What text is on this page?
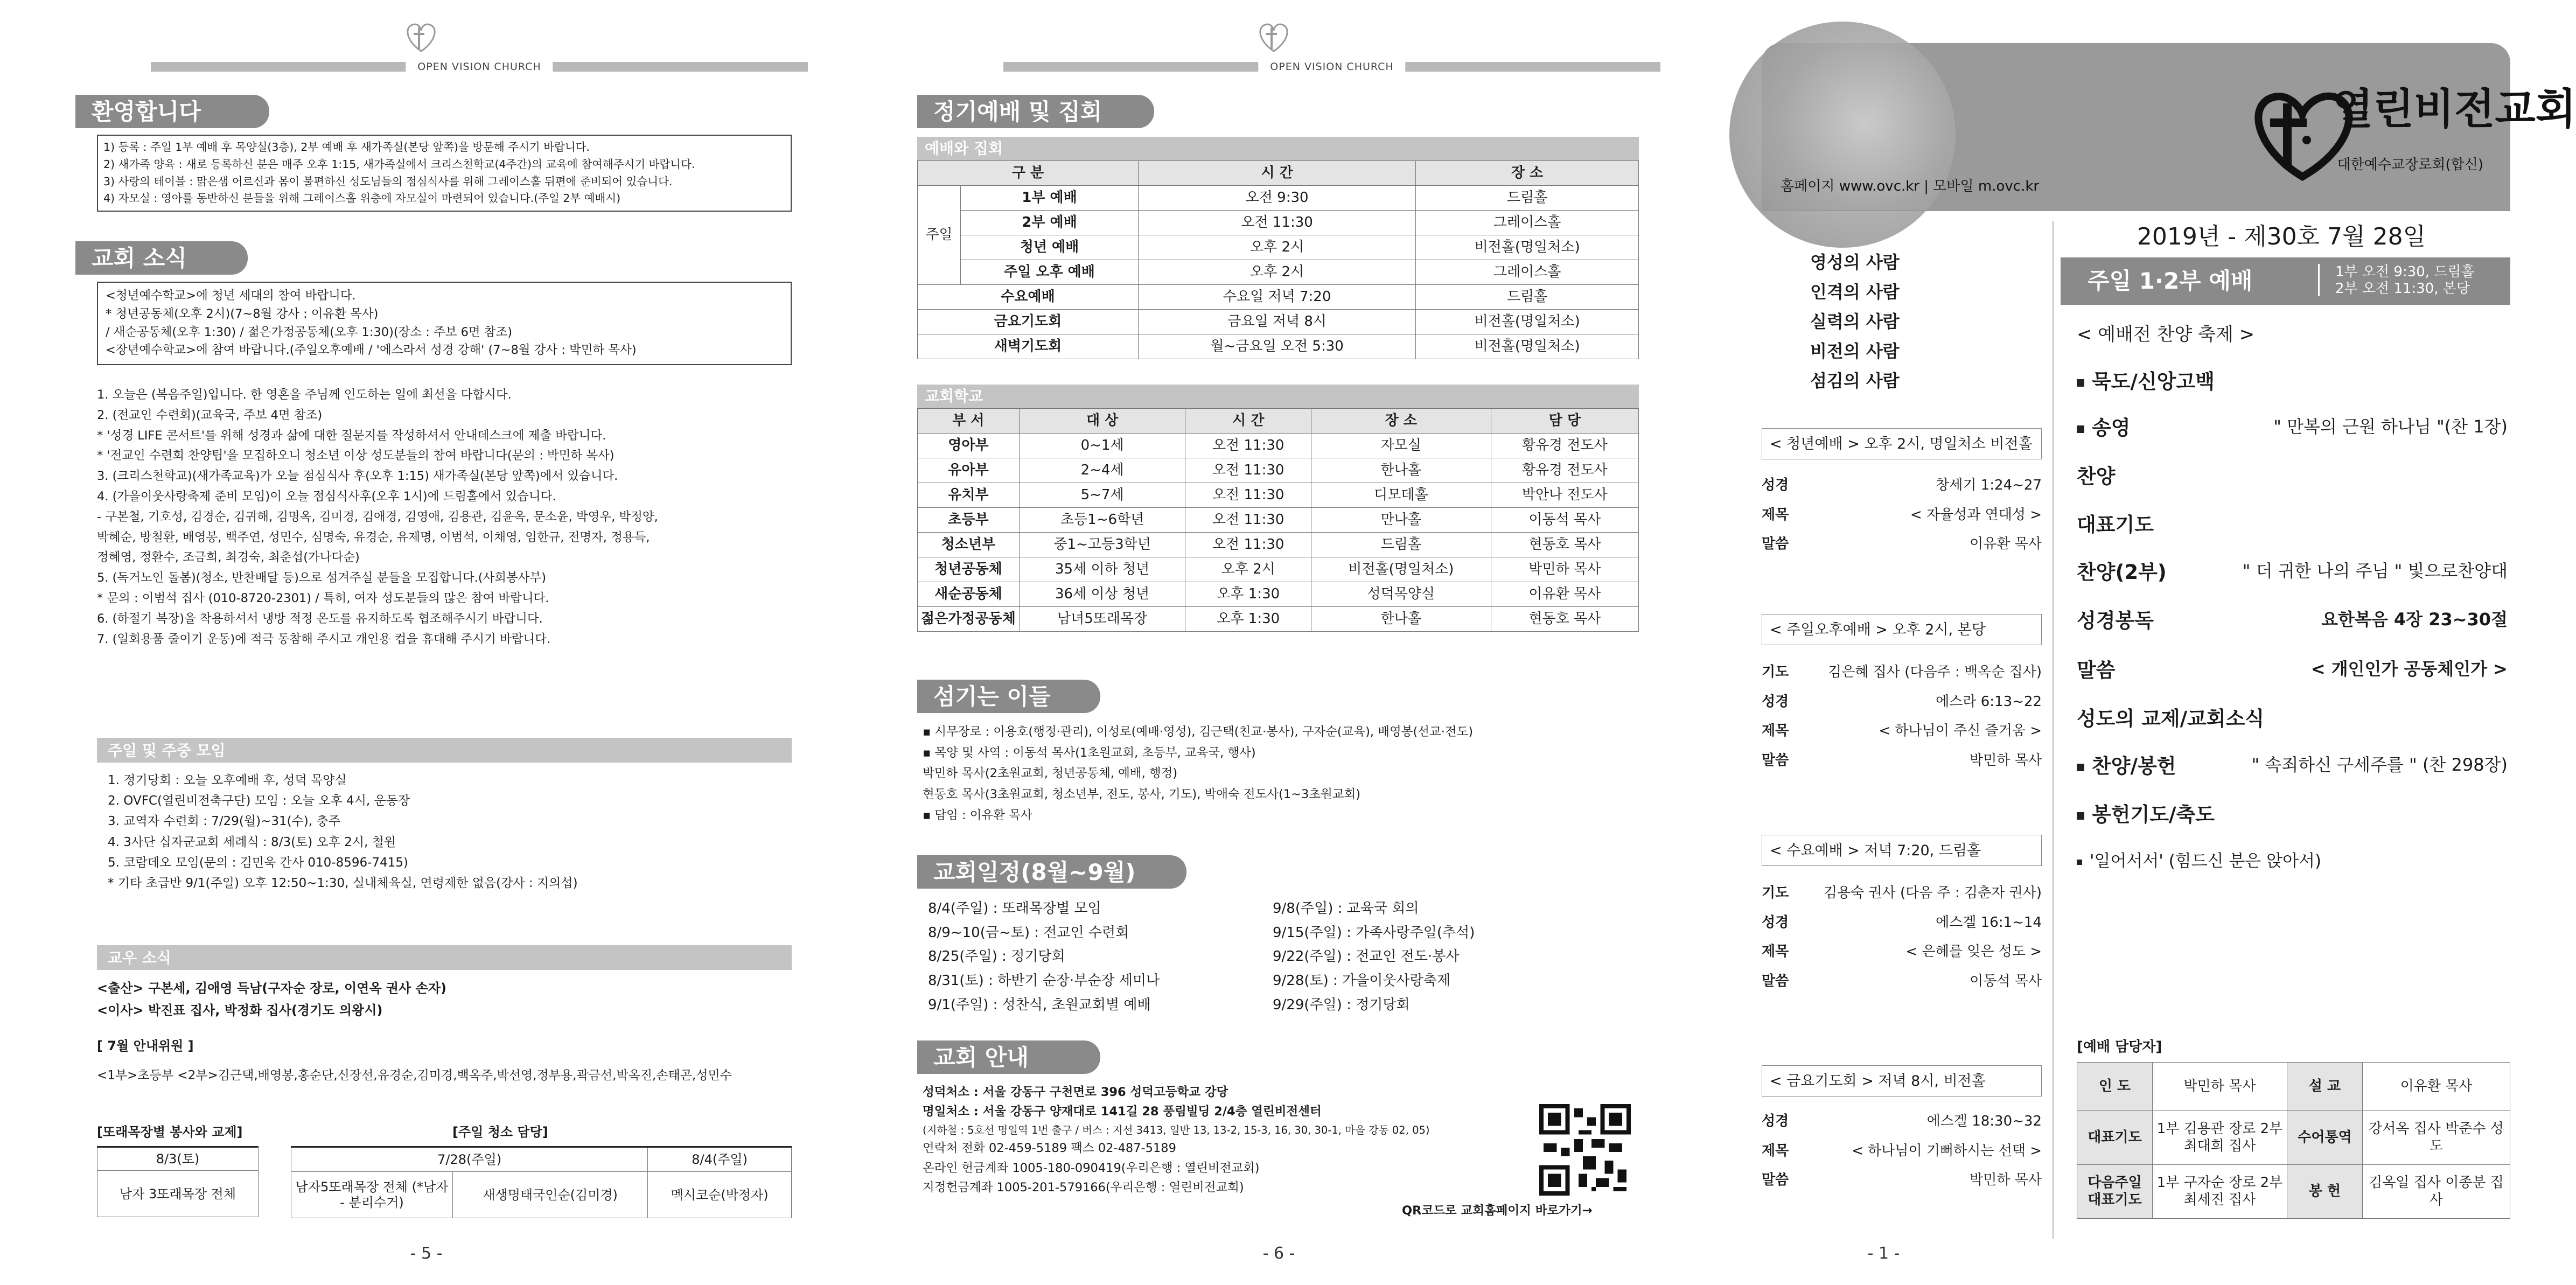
OPEN VISION CHURCH
환영합니다
1) 등록 : 주일 1부 예배 후 목양실(3층), 2부 예배 후 새가족실(본당 앞쪽)을 방문해 주시기 바랍니다.
2) 새가족 양육 : 새로 등록하신 분은 매주 오후 1:15, 새가족실에서 크리스천학교(4주간)의 교육에 참여해주시기 바랍니다.
3) 사랑의 테이블 : 맑은샘 어르신과 몸이 불편하신 성도님들의 점심식사를 위해 그레이스홀 뒤편에 준비되어 있습니다.
4) 자모실 : 영아를 동반하신 분들을 위해 그레이스홀 위층에 자모실이 마련되어 있습니다.(주일 2부 예배시)
교회 소식
<청년예수학교>에 청년 세대의 참여 바랍니다.
* 청년공동체(오후 2시)(7~8월 강사 : 이유환 목사)
/ 새순공동체(오후 1:30) / 젊은가정공동체(오후 1:30)(장소 : 주보 6면 참조)
<장년예수학교>에 참여 바랍니다.(주일오후예배 / '에스라서 성경 강해' (7~8월 강사 : 박민하 목사)
1. 오늘은 (복음주일)입니다. 한 영혼을 주님께 인도하는 일에 최선을 다합시다.
2. (전교인 수련회)(교육국, 주보 4면 참조)
* '성경 LIFE 콘서트'를 위해 성경과 삶에 대한 질문지를 작성하셔서 안내데스크에 제출 바랍니다.
* '전교인 수련회 찬양팀'을 모집하오니 청소년 이상 성도분들의 참여 바랍니다(문의 : 박민하 목사)
3. (크리스천학교)(새가족교육)가 오늘 점심식사 후(오후 1:15) 새가족실(본당 앞쪽)에서 있습니다.
4. (가을이웃사랑축제 준비 모임)이 오늘 점심식사후(오후 1시)에 드림홀에서 있습니다.
- 구본철, 기호성, 김경순, 김귀해, 김명옥, 김미경, 김애경, 김영애, 김용관, 김윤옥, 문소윤, 박영우, 박정양,
박혜순, 방철환, 배영봉, 백주연, 성민수, 심명숙, 유경순, 유제명, 이범석, 이채영, 임한규, 전명자, 정용득,
정혜영, 정환수, 조금희, 최경숙, 최춘섭(가나다순)
5. (독거노인 돌봄)(청소, 반찬배달 등)으로 섬겨주실 분들을 모집합니다.(사회봉사부)
* 문의 : 이범석 집사 (010-8720-2301) / 특히, 여자 성도분들의 많은 참여 바랍니다.
6. (하절기 복장)을 착용하셔서 냉방 적정 온도를 유지하도록 협조해주시기 바랍니다.
7. (일회용품 줄이기 운동)에 적극 동참해 주시고 개인용 컵을 휴대해 주시기 바랍니다.
주일 및 주중 모임
1. 정기당회 : 오늘 오후예배 후, 성덕 목양실
2. OVFC(열린비전축구단) 모임 : 오늘 오후 4시, 운동장
3. 교역자 수련회 : 7/29(월)~31(수), 충주
4. 3사단 십자군교회 세례식 : 8/3(토) 오후 2시, 철원
5. 코람데오 모임(문의 : 김민욱 간사 010-8596-7415)
* 기타 초급반 9/1(주일) 오후 12:50~1:30, 실내체육실, 연령제한 없음(강사 : 지의섭)
교우 소식
<출산> 구본세, 김애영 득남(구자순 장로, 이연옥 권사 손자)
<이사> 박진표 집사, 박정화 집사(경기도 의왕시)
[ 7월 안내위원 ]
<1부>초등부 <2부>김근택,배영봉,홍순단,신장선,유경순,김미경,백옥주,박선영,정부용,곽금선,박옥진,손태곤,성민수
[또래목장별 봉사와 교제]	[주일 청소 담당]
8/3(토)
남자 3또래목장 전체
7/28(주일)		8/4(주일)
남자5또래목장 전체 (*남자 - 분리수거)	새생명태국인순(김미경)	멕시코순(박정자)
- 5 -
OPEN VISION CHURCH
정기예배 및 집회
예배와 집회
구 분		시 간	장 소
주일	1부 예배	오전 9:30	드림홀
	2부 예배	오전 11:30	그레이스홀
	청년 예배	오후 2시	비전홀(명일처소)
	주일 오후 예배	오후 2시	그레이스홀
수요예배		수요일 저녁 7:20	드림홀
금요기도회		금요일 저녁 8시	비전홀(명일처소)
새벽기도회		월~금요일 오전 5:30	비전홀(명일처소)
교회학교
부 서	대 상	시 간	장 소	담 당
영아부	0~1세	오전 11:30	자모실	황유경 전도사
유아부	2~4세	오전 11:30	한나홀	황유경 전도사
유치부	5~7세	오전 11:30	디모데홀	박안나 전도사
초등부	초등1~6학년	오전 11:30	만나홀	이동석 목사
청소년부	중1~고등3학년	오전 11:30	드림홀	현동호 목사
청년공동체	35세 이하 청년	오후 2시	비전홀(명일처소)	박민하 목사
새순공동체	36세 이상 청년	오후 1:30	성덕목양실	이유환 목사
젊은가정공동체	남녀5또래목장	오후 1:30	한나홀	현동호 목사
섬기는 이들
▪ 시무장로 : 이용호(행정·관리), 이성로(예배·영성), 김근택(친교·봉사), 구자순(교육), 배영봉(선교·전도)
▪ 목양 및 사역 : 이동석 목사(1초원교회, 초등부, 교육국, 행사)
박민하 목사(2초원교회, 청년공동체, 예배, 행정)
현동호 목사(3초원교회, 청소년부, 전도, 봉사, 기도), 박애숙 전도사(1~3초원교회)
▪ 담임 : 이유환 목사
교회일정(8월~9월)
8/4(주일) : 또래목장별 모임
8/9~10(금~토) : 전교인 수련회
8/25(주일) : 정기당회
8/31(토) : 하반기 순장·부순장 세미나
9/1(주일) : 성찬식, 초원교회별 예배
9/8(주일) : 교육국 회의
9/15(주일) : 가족사랑주일(추석)
9/22(주일) : 전교인 전도·봉사
9/28(토) : 가을이웃사랑축제
9/29(주일) : 정기당회
교회 안내
성덕처소 : 서울 강동구 구천면로 396 성덕고등학교 강당
명일처소 : 서울 강동구 양재대로 141길 28 풍림빌딩 2/4층 열린비전센터
(지하철 : 5호선 명일역 1번 출구 / 버스 : 지선 3413, 일반 13, 13-2, 15-3, 16, 30, 30-1, 마을 강동 02, 05)
연락처 전화 02-459-5189 팩스 02-487-5189
온라인 헌금계좌 1005-180-090419(우리은행 : 열린비전교회)
지정헌금계좌 1005-201-579166(우리은행 : 열린비전교회)
QR코드로 교회홈페이지 바로가기→
- 6 -
열린비전교회
대한예수교장로회(합신)
홈페이지 www.ovc.kr | 모바일 m.ovc.kr
영성의 사람
인격의 사람
실력의 사람
비전의 사람
섬김의 사람
2019년 - 제30호 7월 28일
주일 1·2부 예배	1부 오전 9:30, 드림홀
2부 오전 11:30, 본당
< 청년예배 > 오후 2시, 명일처소 비전홀
성경	창세기 1:24~27
제목	< 자율성과 연대성 >
말씀	이유환 목사
< 주일오후예배 > 오후 2시, 본당
기도	김은혜 집사 (다음주 : 백옥순 집사)
성경	에스라 6:13~22
제목	< 하나님이 주신 즐거움 >
말씀	박민하 목사
< 수요예배 > 저녁 7:20, 드림홀
기도	김용숙 권사 (다음 주 : 김춘자 권사)
성경	에스겔 16:1~14
제목	< 은혜를 잊은 성도 >
말씀	이동석 목사
< 금요기도회 > 저녁 8시, 비전홀
성경	에스겔 18:30~32
제목	< 하나님이 기뻐하시는 선택 >
말씀	박민하 목사
< 예배전 찬양 축제 >
묵도/신앙고백
송영	" 만복의 근원 하나님 "(찬 1장)
찬양
대표기도
찬양(2부)	" 더 귀한 나의 주님 " 빛으로찬양대
성경봉독	요한복음 4장 23~30절
말씀	< 개인인가 공동체인가 >
성도의 교제/교회소식
찬양/봉헌	" 속죄하신 구세주를 " (찬 298장)
봉헌기도/축도
'일어서서' (힘드신 분은 앉아서)
[예배 담당자]
인 도	박민하 목사	설 교	이유환 목사
대표기도	1부 김용관 장로 2부 최대희 집사	수어통역	강서옥 집사 박준수 성도
다음주일 대표기도	1부 구자순 장로 2부 최세진 집사	봉 헌	김옥일 집사 이종분 집사
- 1 -
